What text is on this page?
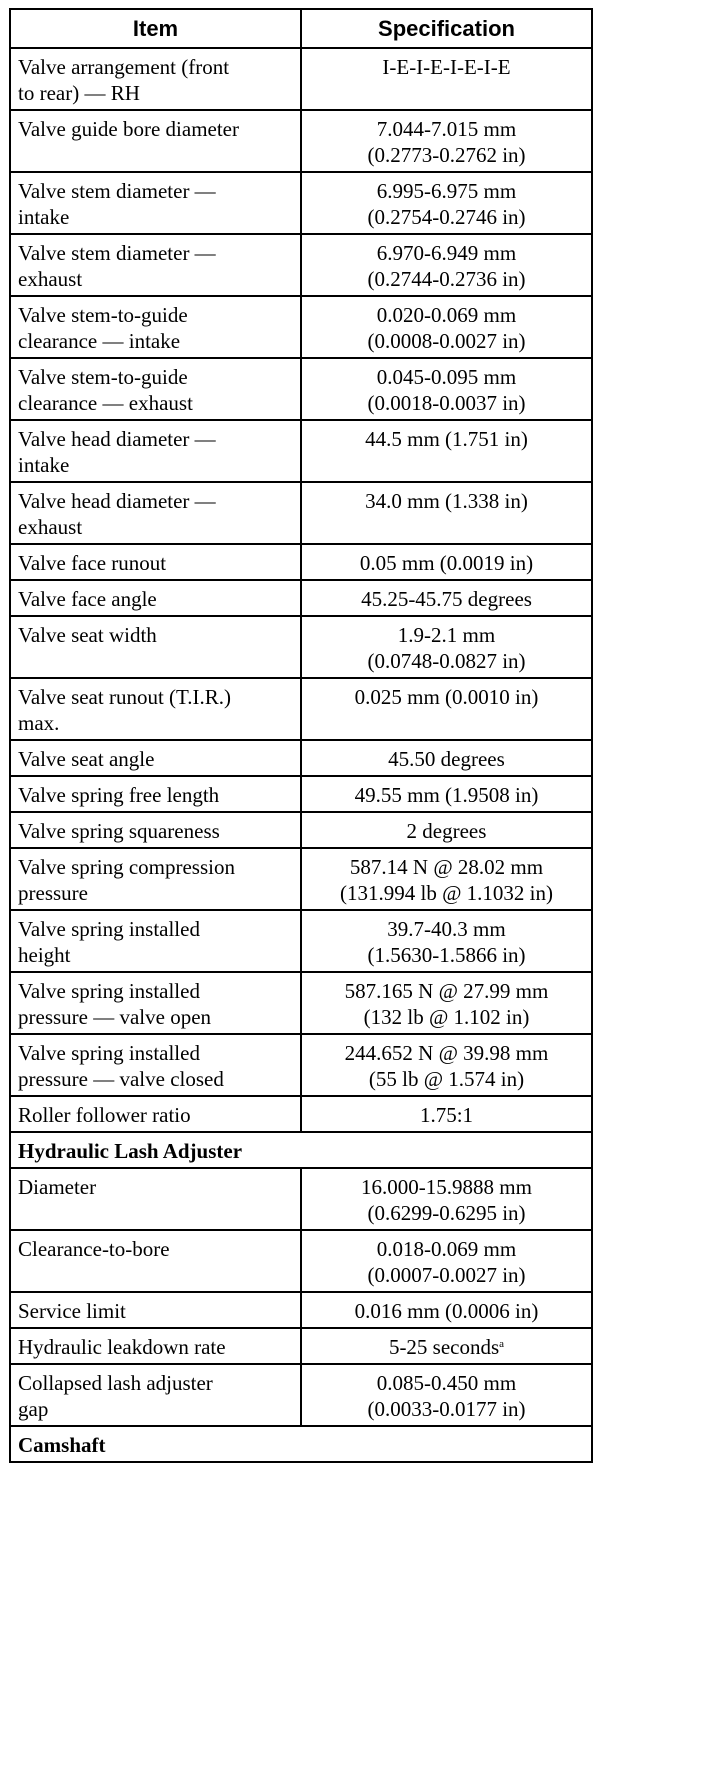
Item	Specification

Valve arrangement (front
to rear) — RH	I-E-I-E-I-E-I-E

Valve guide bore diameter	7.044-7.015 mm
(0.2773-0.2762 in)

Valve stem diameter —
intake	6.995-6.975 mm
(0.2754-0.2746 in)

Valve stem diameter —
exhaust	6.970-6.949 mm
(0.2744-0.2736 in)

Valve stem-to-guide
clearance — intake	0.020-0.069 mm
(0.0008-0.0027 in)

Valve stem-to-guide
clearance — exhaust	0.045-0.095 mm
(0.0018-0.0037 in)

Valve head diameter —
intake	44.5 mm (1.751 in)

Valve head diameter —
exhaust	34.0 mm (1.338 in)

Valve face runout	0.05 mm (0.0019 in)

Valve face angle	45.25-45.75 degrees

Valve seat width	1.9-2.1 mm
(0.0748-0.0827 in)

Valve seat runout (T.I.R.)
max.	0.025 mm (0.0010 in)

Valve seat angle	45.50 degrees

Valve spring free length	49.55 mm (1.9508 in)

Valve spring squareness	2 degrees

Valve spring compression
pressure	587.14 N @ 28.02 mm
(131.994 lb @ 1.1032 in)

Valve spring installed
height	39.7-40.3 mm
(1.5630-1.5866 in)

Valve spring installed
pressure — valve open	587.165 N @ 27.99 mm
(132 lb @ 1.102 in)

Valve spring installed
pressure — valve closed	244.652 N @ 39.98 mm
(55 lb @ 1.574 in)

Roller follower ratio	1.75:1

Hydraulic Lash Adjuster	

Diameter	16.000-15.9888 mm
(0.6299-0.6295 in)

Clearance-to-bore	0.018-0.069 mm
(0.0007-0.0027 in)

Service limit	0.016 mm (0.0006 in)

Hydraulic leakdown rate	5-25 seconds$^a$

Collapsed lash adjuster
gap	0.085-0.450 mm
(0.0033-0.0177 in)

Camshaft	
